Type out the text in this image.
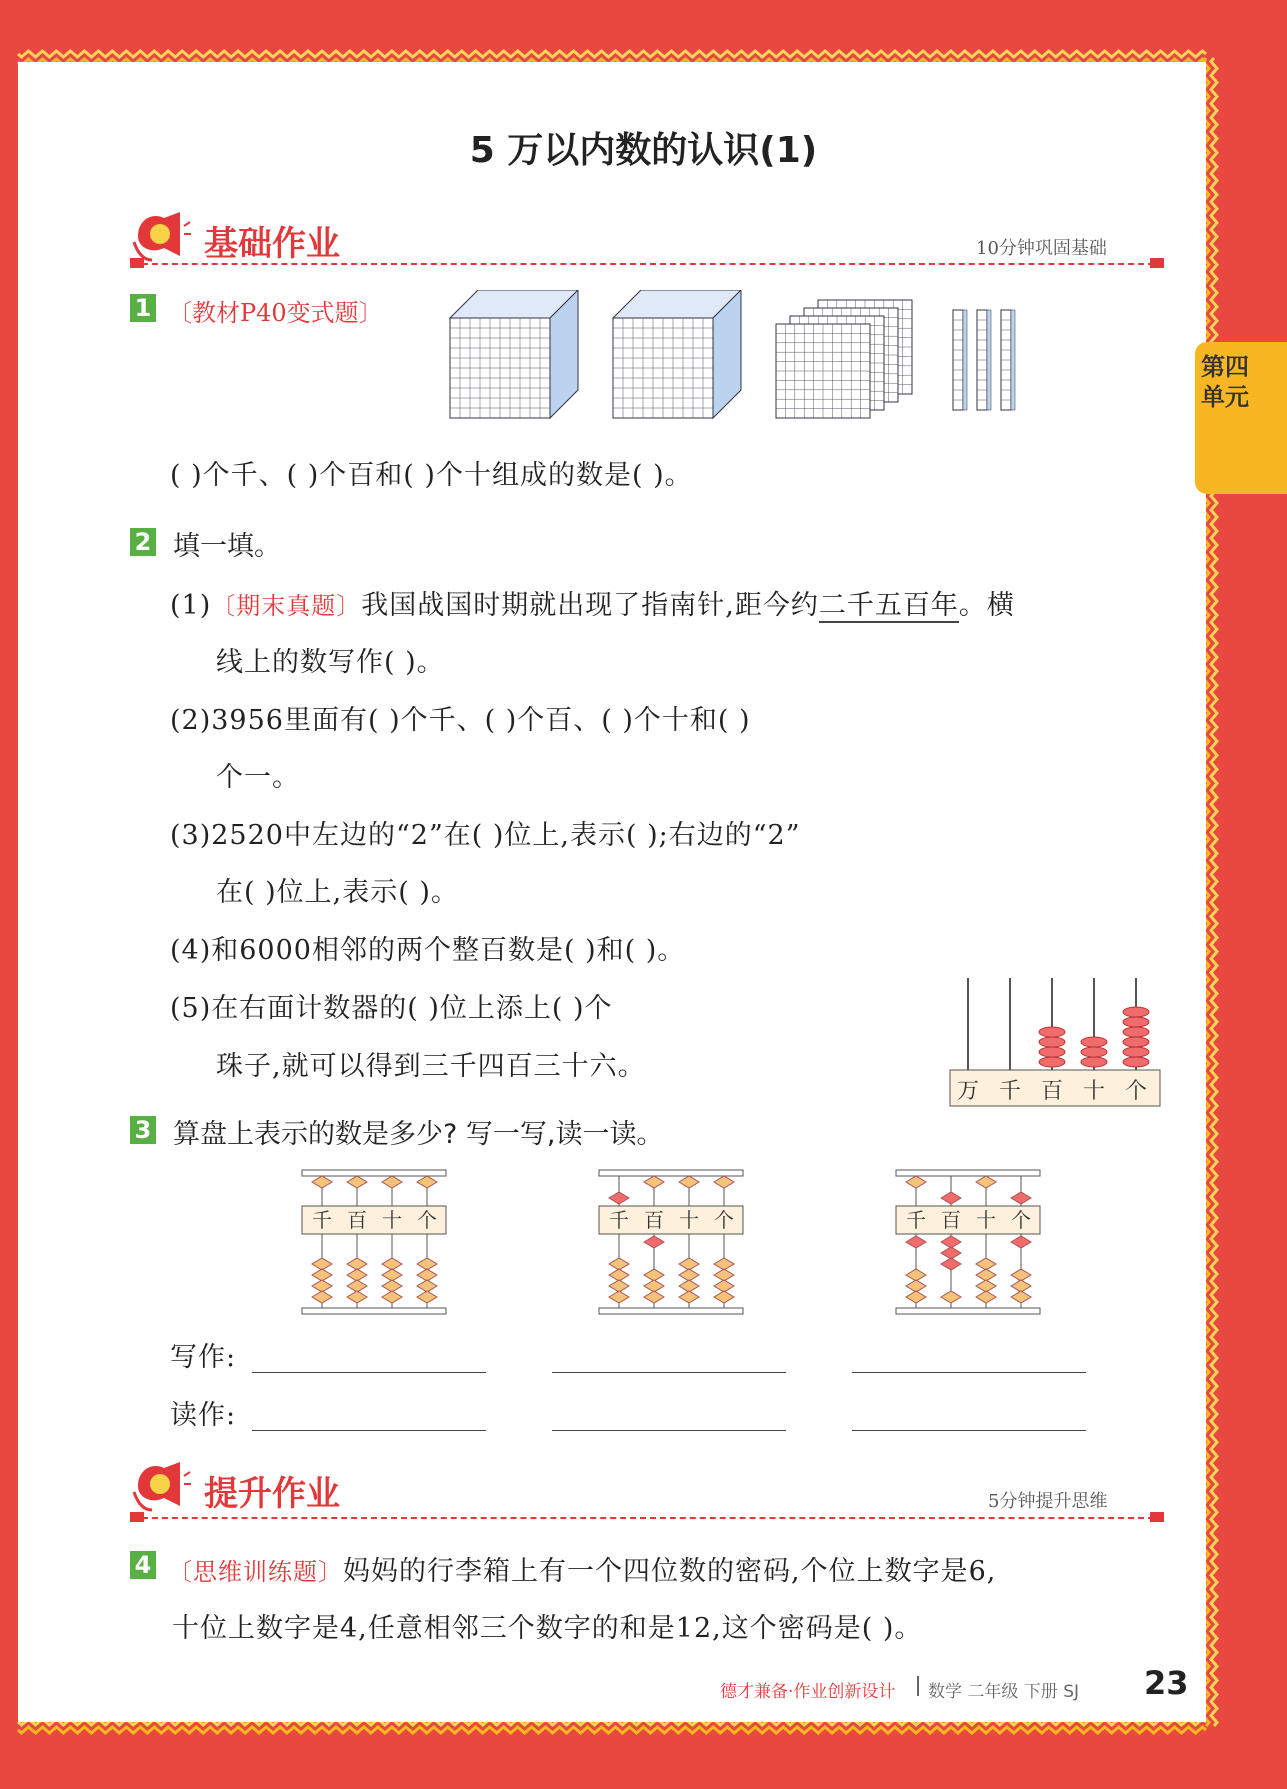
第四单元
5 万以内数的认识(1)
基础作业	10分钟巩固基础
1 〔教材P40变式题〕
( )个千、( )个百和( )个十组成的数是( )。
2 填一填。
(1)〔期末真题〕我国战国时期就出现了指南针,距今约二千五百年。横
线上的数写作( )。
(2)3956里面有( )个千、( )个百、( )个十和( )
个一。
(3)2520中左边的“2”在( )位上,表示( );右边的“2”
在( )位上,表示( )。
(4)和6000相邻的两个整百数是( )和( )。
(5)在右面计数器的( )位上添上( )个
珠子,就可以得到三千四百三十六。
万 千 百 十 个
3 算盘上表示的数是多少? 写一写,读一读。
千 百 十 个	千 百 十 个	千 百 十 个
写作:
读作:
提升作业	5分钟提升思维
4 〔思维训练题〕妈妈的行李箱上有一个四位数的密码,个位上数字是6,
十位上数字是4,任意相邻三个数字的和是12,这个密码是( )。
德才兼备·作业创新设计 数学 二年级 下册 SJ 23
